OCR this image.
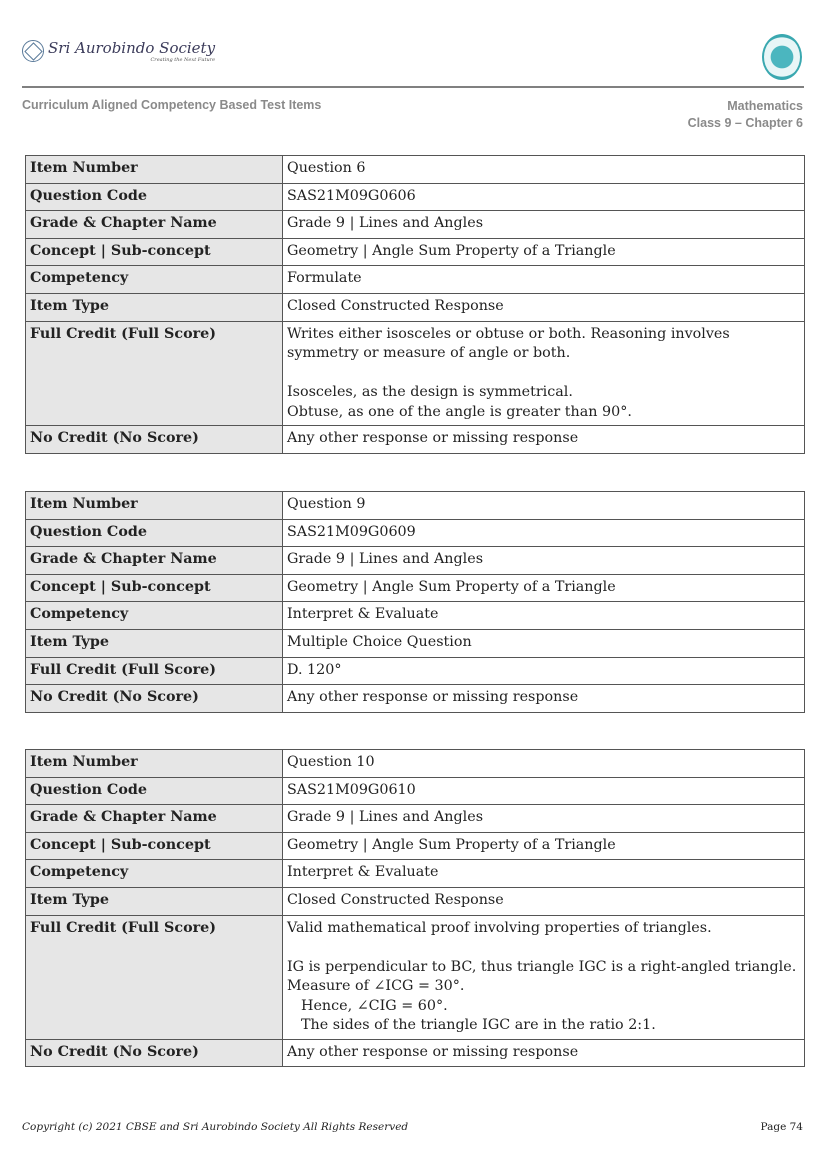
Sri Aurobindo Society
Creating the Next Future
Curriculum Aligned Competency Based Test Items	Mathematics
Class 9 – Chapter 6
Item Number	Question 6

Question Code	SAS21M09G0606

Grade & Chapter Name	Grade 9 | Lines and Angles

Concept | Sub-concept	Geometry | Angle Sum Property of a Triangle

Competency	Formulate

Item Type	Closed Constructed Response

Full Credit (Full Score)	Writes either isosceles or obtuse or both. Reasoning involves symmetry or measure of angle or both.
Isosceles, as the design is symmetrical.
Obtuse, as one of the angle is greater than 90°.

No Credit (No Score)	Any other response or missing response
Item Number	Question 9

Question Code	SAS21M09G0609

Grade & Chapter Name	Grade 9 | Lines and Angles

Concept | Sub-concept	Geometry | Angle Sum Property of a Triangle

Competency	Interpret & Evaluate

Item Type	Multiple Choice Question

Full Credit (Full Score)	D. 120°

No Credit (No Score)	Any other response or missing response
Item Number	Question 10

Question Code	SAS21M09G0610

Grade & Chapter Name	Grade 9 | Lines and Angles

Concept | Sub-concept	Geometry | Angle Sum Property of a Triangle

Competency	Interpret & Evaluate

Item Type	Closed Constructed Response

Full Credit (Full Score)	Valid mathematical proof involving properties of triangles.
IG is perpendicular to BC, thus triangle IGC is a right-angled triangle.
Measure of ∠ICG = 30°.
Hence, ∠CIG = 60°.
The sides of the triangle IGC are in the ratio 2:1.

No Credit (No Score)	Any other response or missing response
Copyright (c) 2021 CBSE and Sri Aurobindo Society All Rights Reserved	Page 74
